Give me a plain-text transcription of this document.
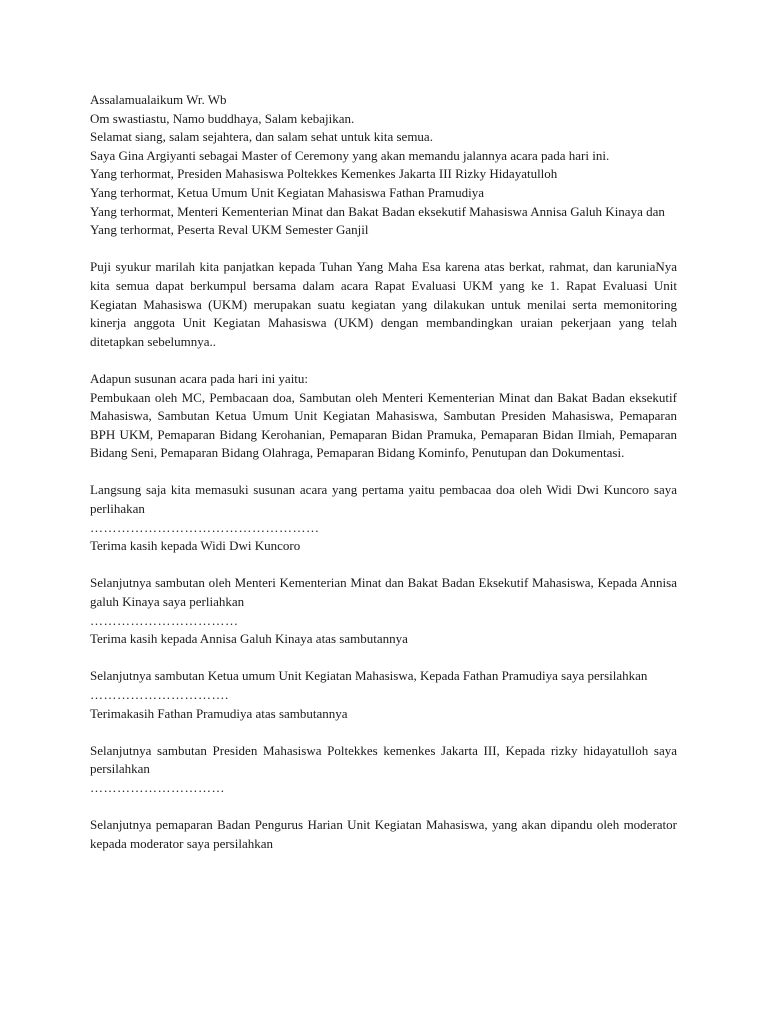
Assalamualaikum Wr. Wb
Om swastiastu, Namo buddhaya, Salam kebajikan.
Selamat siang, salam sejahtera, dan salam sehat untuk kita semua.
Saya Gina Argiyanti sebagai Master of Ceremony yang akan memandu jalannya acara pada hari ini.
Yang terhormat, Presiden Mahasiswa Poltekkes Kemenkes Jakarta III Rizky Hidayatulloh
Yang terhormat, Ketua Umum Unit Kegiatan Mahasiswa Fathan Pramudiya
Yang terhormat, Menteri Kementerian Minat dan Bakat Badan eksekutif Mahasiswa Annisa Galuh Kinaya dan
Yang terhormat, Peserta Reval UKM Semester Ganjil
Puji syukur marilah kita panjatkan kepada Tuhan Yang Maha Esa karena atas berkat, rahmat, dan karuniaNya kita semua dapat berkumpul bersama dalam acara Rapat Evaluasi UKM yang ke 1. Rapat Evaluasi Unit Kegiatan Mahasiswa (UKM) merupakan suatu kegiatan yang dilakukan untuk menilai serta memonitoring kinerja anggota Unit Kegiatan Mahasiswa (UKM) dengan membandingkan uraian pekerjaan yang telah ditetapkan sebelumnya..
Adapun susunan acara pada hari ini yaitu:
Pembukaan oleh MC, Pembacaan doa, Sambutan oleh Menteri Kementerian Minat dan Bakat Badan eksekutif Mahasiswa, Sambutan Ketua Umum Unit Kegiatan Mahasiswa, Sambutan Presiden Mahasiswa, Pemaparan BPH UKM, Pemaparan Bidang Kerohanian, Pemaparan Bidan Pramuka, Pemaparan Bidan Ilmiah, Pemaparan Bidang Seni, Pemaparan Bidang Olahraga, Pemaparan Bidang Kominfo, Penutupan dan Dokumentasi.
Langsung saja kita memasuki susunan acara yang pertama yaitu pembacaa doa oleh Widi Dwi Kuncoro saya perlihakan
……………………………………………
Terima kasih kepada Widi Dwi Kuncoro
Selanjutnya sambutan oleh Menteri Kementerian Minat dan Bakat Badan Eksekutif Mahasiswa, Kepada Annisa galuh Kinaya saya perliahkan
……………………………
Terima kasih kepada Annisa Galuh Kinaya atas sambutannya
Selanjutnya sambutan Ketua umum Unit Kegiatan Mahasiswa, Kepada Fathan Pramudiya saya persilahkan
………………………….
Terimakasih Fathan Pramudiya atas sambutannya
Selanjutnya sambutan Presiden Mahasiswa Poltekkes kemenkes Jakarta III, Kepada rizky hidayatulloh saya persilahkan
…………………………
Selanjutnya pemaparan Badan Pengurus Harian Unit Kegiatan Mahasiswa, yang akan dipandu oleh moderator kepada moderator saya persilahkan
